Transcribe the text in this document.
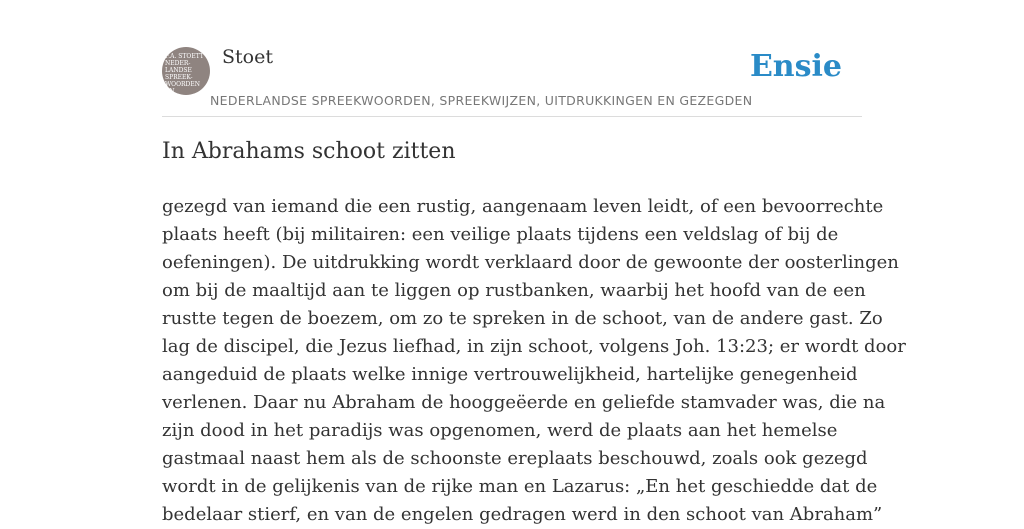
F.A. STOETT
NEDER-
LANDSE
SPREEK-
WOORDEN EN
GEZEGDEN
Stoet
NEDERLANDSE SPREEKWOORDEN, SPREEKWIJZEN, UITDRUKKINGEN EN GEZEGDEN
Ensie
In Abrahams schoot zitten

gezegd van iemand die een rustig, aangenaam leven leidt, of een bevoorrechte
plaats heeft (bij militairen: een veilige plaats tijdens een veldslag of bij de
oefeningen). De uitdrukking wordt verklaard door de gewoonte der oosterlingen
om bij de maaltijd aan te liggen op rustbanken, waarbij het hoofd van de een
rustte tegen de boezem, om zo te spreken in de schoot, van de andere gast. Zo
lag de discipel, die Jezus liefhad, in zijn schoot, volgens Joh. 13:23; er wordt door
aangeduid de plaats welke innige vertrouwelijkheid, hartelijke genegenheid
verlenen. Daar nu Abraham de hooggeëerde en geliefde stamvader was, die na
zijn dood in het paradijs was opgenomen, werd de plaats aan het hemelse
gastmaal naast hem als de schoonste ereplaats beschouwd, zoals ook gezegd
wordt in de gelijkenis van de rijke man en Lazarus: „En het geschiedde dat de
bedelaar stierf, en van de engelen gedragen werd in den schoot van Abraham”
